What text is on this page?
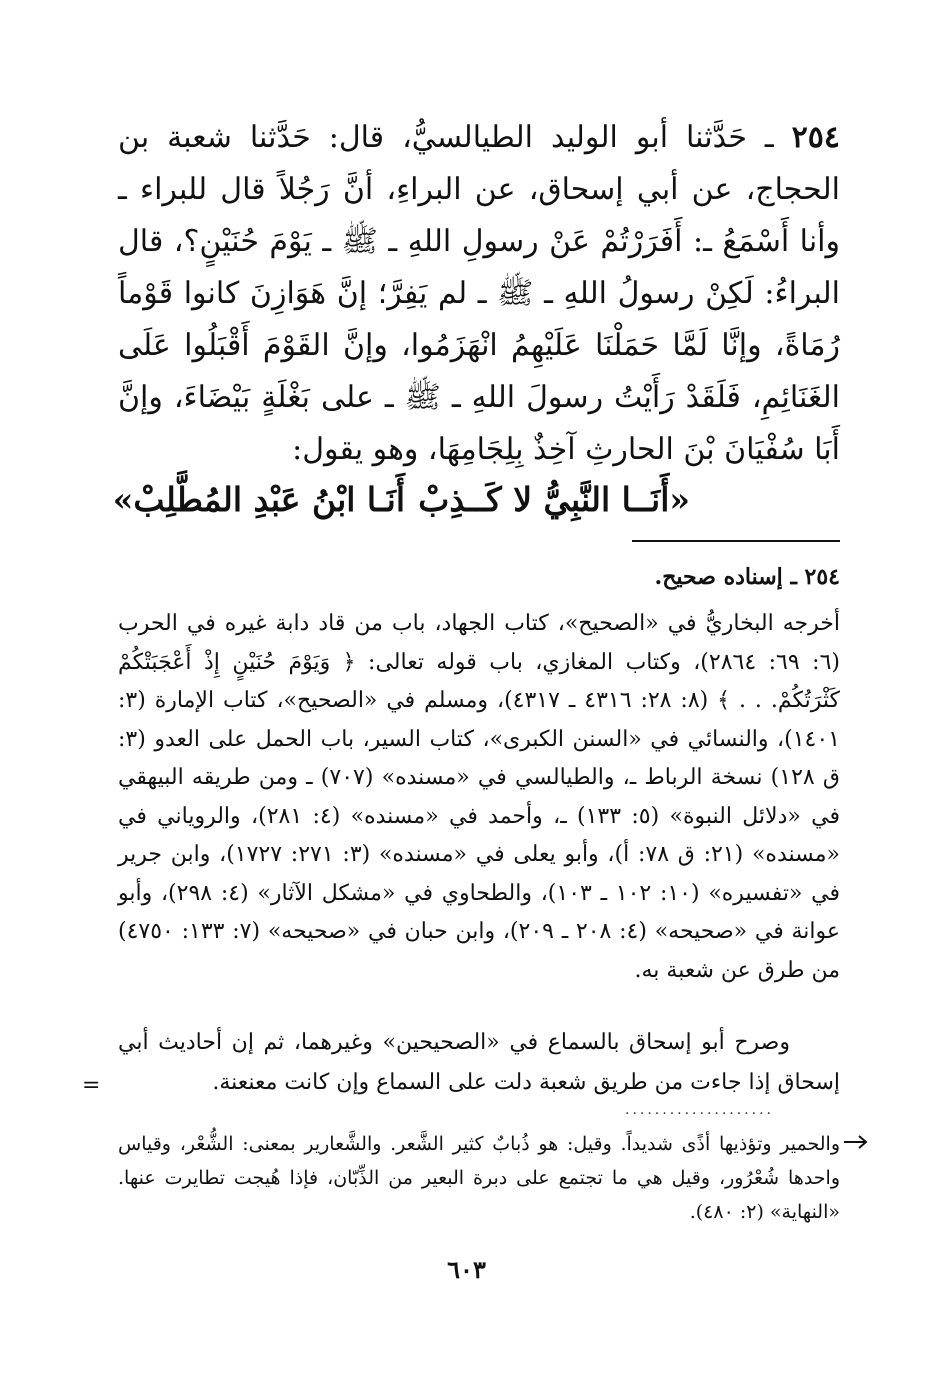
٢٥٤ ـ حَدَّثنا أبو الوليد الطيالسيُّ، قال: حَدَّثنا شعبة بن الحجاج، عن أبي إسحاق، عن البراءِ، أنَّ رَجُلاً قال للبراء ـ وأنا أَسْمَعُ ـ: أَفَرَرْتُمْ عَنْ رسولِ اللهِ ـ ﷺ ـ يَوْمَ حُنَيْنٍ؟، قال البراءُ: لَكِنْ رسولُ اللهِ ـ ﷺ ـ لم يَفِرَّ؛ إنَّ هَوَازِنَ كانوا قَوْماً رُمَاةً، وإنَّا لَمَّا حَمَلْنَا عَلَيْهِمُ انْهَزَمُوا، وإنَّ القَوْمَ أَقْبَلُوا عَلَى الغَنَائِمِ، فَلَقَدْ رَأَيْتُ رسولَ اللهِ ـ ﷺ ـ على بَغْلَةٍ بَيْضَاءَ، وإنَّ أَبَا سُفْيَانَ بْنَ الحارثِ آخِذٌ بِلِجَامِهَا، وهو يقول:

«أَنَــا النَّبِيُّ لا كَــذِبْ
أَنَـا ابْنُ عَبْدِ المُطَّلِبْ»

٢٥٤ ـ إسناده صحيح.

أخرجه البخاريُّ في «الصحيح»، كتاب الجهاد، باب من قاد دابة غيره في الحرب (٦: ٦٩: ٢٨٦٤)، وكتاب المغازي، باب قوله تعالى: ﴿ وَيَوْمَ حُنَيْنٍ إِذْ أَعْجَبَتْكُمْ كَثْرَتُكُمْ. . . ﴾ (٨: ٢٨: ٤٣١٦ ـ ٤٣١٧)، ومسلم في «الصحيح»، كتاب الإمارة (٣: ١٤٠١)، والنسائي في «السنن الكبرى»، كتاب السير، باب الحمل على العدو (٣: ق ١٢٨) نسخة الرباط ـ، والطيالسي في «مسنده» (٧٠٧) ـ ومن طريقه البيهقي في «دلائل النبوة» (٥: ١٣٣) ـ، وأحمد في «مسنده» (٤: ٢٨١)، والروياني في «مسنده» (٢١: ق ٧٨: أ)، وأبو يعلى في «مسنده» (٣: ٢٧١: ١٧٢٧)، وابن جرير في «تفسيره» (١٠: ١٠٢ ـ ١٠٣)، والطحاوي في «مشكل الآثار» (٤: ٢٩٨)، وأبو عوانة في «صحيحه» (٤: ٢٠٨ ـ ٢٠٩)، وابن حبان في «صحيحه» (٧: ١٣٣: ٤٧٥٠) من طرق عن شعبة به.

وصرح أبو إسحاق بالسماع في «الصحيحين» وغيرهما، ثم إن أحاديث أبي إسحاق إذا جاءت من طريق شعبة دلت على السماع وإن كانت معنعنة.

=
....................

والحمير وتؤذيها أذًى شديداً. وقيل: هو ذُبابٌ كثير الشَّعر. والشَّعارير بمعنى: الشُّعْر، وقياس واحدها شُعْرُور، وقيل هي ما تجتمع على دبرة البعير من الذِّبّان، فإذا هُيجت تطايرت عنها. «النهاية» (٢: ٤٨٠).

٦٠٣
